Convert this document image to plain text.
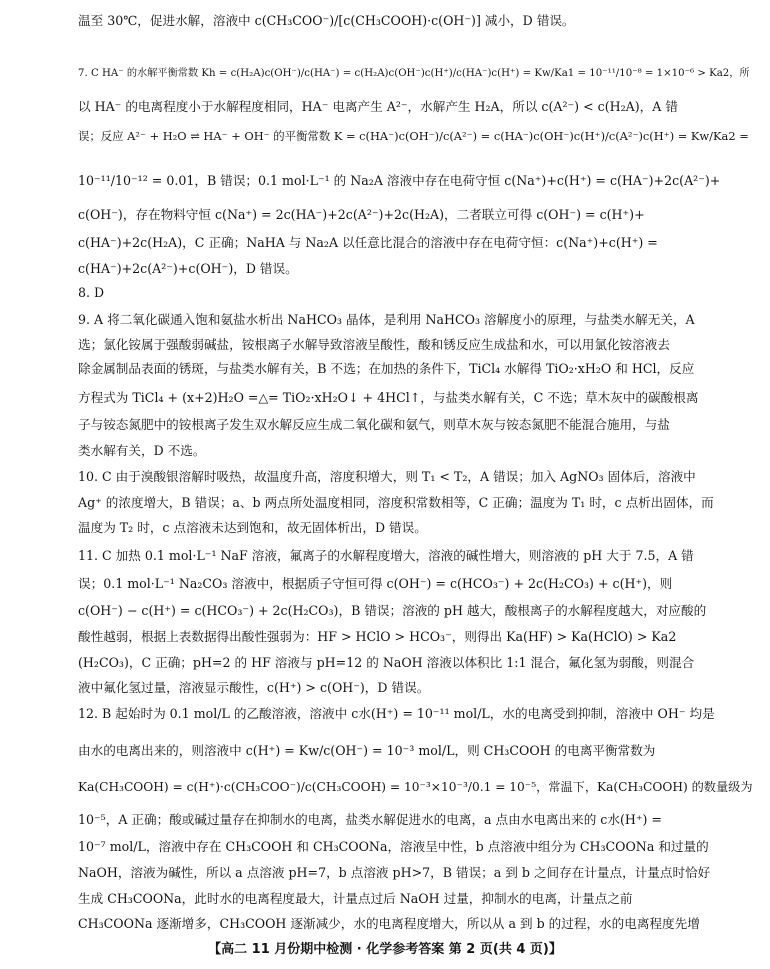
温至 30℃，促进水解，溶液中 c(CH₃COO⁻)/[c(CH₃COOH)·c(OH⁻)] 减小，D 错误。
7. C HA⁻ 的水解平衡常数 Kh = c(H₂A)c(OH⁻)/c(HA⁻) = c(H₂A)c(OH⁻)c(H⁺)/c(HA⁻)c(H⁺) = Kw/Ka1 = 10⁻¹¹/10⁻⁸ = 1×10⁻⁶ > Ka2，所
以 HA⁻ 的电离程度小于水解程度相同，HA⁻ 电离产生 A²⁻，水解产生 H₂A，所以 c(A²⁻) < c(H₂A)，A 错
误；反应 A²⁻ + H₂O ⇌ HA⁻ + OH⁻ 的平衡常数 K = c(HA⁻)c(OH⁻)/c(A²⁻) = c(HA⁻)c(OH⁻)c(H⁺)/c(A²⁻)c(H⁺) = Kw/Ka2 =
10⁻¹¹/10⁻¹² = 0.01，B 错误；0.1 mol·L⁻¹ 的 Na₂A 溶液中存在电荷守恒 c(Na⁺)+c(H⁺) = c(HA⁻)+2c(A²⁻)+
c(OH⁻)，存在物料守恒 c(Na⁺) = 2c(HA⁻)+2c(A²⁻)+2c(H₂A)，二者联立可得 c(OH⁻) = c(H⁺)+
c(HA⁻)+2c(H₂A)，C 正确；NaHA 与 Na₂A 以任意比混合的溶液中存在电荷守恒：c(Na⁺)+c(H⁺) =
c(HA⁻)+2c(A²⁻)+c(OH⁻)，D 错误。
8. D
9. A 将二氧化碳通入饱和氨盐水析出 NaHCO₃ 晶体，是利用 NaHCO₃ 溶解度小的原理，与盐类水解无关，A
选；氯化铵属于强酸弱碱盐，铵根离子水解导致溶液呈酸性，酸和锈反应生成盐和水，可以用氯化铵溶液去
除金属制品表面的锈斑，与盐类水解有关，B 不选；在加热的条件下，TiCl₄ 水解得 TiO₂·xH₂O 和 HCl，反应
方程式为 TiCl₄ + (x+2)H₂O =△= TiO₂·xH₂O↓ + 4HCl↑，与盐类水解有关，C 不选；草木灰中的碳酸根离
子与铵态氮肥中的铵根离子发生双水解反应生成二氧化碳和氨气，则草木灰与铵态氮肥不能混合施用，与盐
类水解有关，D 不选。
10. C 由于溴酸银溶解时吸热，故温度升高，溶度积增大，则 T₁ < T₂，A 错误；加入 AgNO₃ 固体后，溶液中
Ag⁺ 的浓度增大，B 错误；a、b 两点所处温度相同，溶度积常数相等，C 正确；温度为 T₁ 时，c 点析出固体，而
温度为 T₂ 时，c 点溶液未达到饱和，故无固体析出，D 错误。
11. C 加热 0.1 mol·L⁻¹ NaF 溶液，氟离子的水解程度增大，溶液的碱性增大，则溶液的 pH 大于 7.5，A 错
误；0.1 mol·L⁻¹ Na₂CO₃ 溶液中，根据质子守恒可得 c(OH⁻) = c(HCO₃⁻) + 2c(H₂CO₃) + c(H⁺)，则
c(OH⁻) − c(H⁺) = c(HCO₃⁻) + 2c(H₂CO₃)，B 错误；溶液的 pH 越大，酸根离子的水解程度越大，对应酸的
酸性越弱，根据上表数据得出酸性强弱为：HF > HClO > HCO₃⁻，则得出 Ka(HF) > Ka(HClO) > Ka2
(H₂CO₃)，C 正确；pH=2 的 HF 溶液与 pH=12 的 NaOH 溶液以体积比 1:1 混合，氟化氢为弱酸，则混合
液中氟化氢过量，溶液显示酸性，c(H⁺) > c(OH⁻)，D 错误。
12. B 起始时为 0.1 mol/L 的乙酸溶液，溶液中 c水(H⁺) = 10⁻¹¹ mol/L，水的电离受到抑制，溶液中 OH⁻ 均是
由水的电离出来的，则溶液中 c(H⁺) = Kw/c(OH⁻) = 10⁻³ mol/L，则 CH₃COOH 的电离平衡常数为
Ka(CH₃COOH) = c(H⁺)·c(CH₃COO⁻)/c(CH₃COOH) = 10⁻³×10⁻³/0.1 = 10⁻⁵，常温下，Ka(CH₃COOH) 的数量级为
10⁻⁵，A 正确；酸或碱过量存在抑制水的电离，盐类水解促进水的电离，a 点由水电离出来的 c水(H⁺) =
10⁻⁷ mol/L，溶液中存在 CH₃COOH 和 CH₃COONa，溶液呈中性，b 点溶液中组分为 CH₃COONa 和过量的
NaOH，溶液为碱性，所以 a 点溶液 pH=7，b 点溶液 pH>7，B 错误；a 到 b 之间存在计量点，计量点时恰好
生成 CH₃COONa，此时水的电离程度最大，计量点过后 NaOH 过量，抑制水的电离，计量点之前
CH₃COONa 逐渐增多，CH₃COOH 逐渐减少，水的电离程度增大，所以从 a 到 b 的过程，水的电离程度先增
【高二 11 月份期中检测 · 化学参考答案 第 2 页(共 4 页)】
